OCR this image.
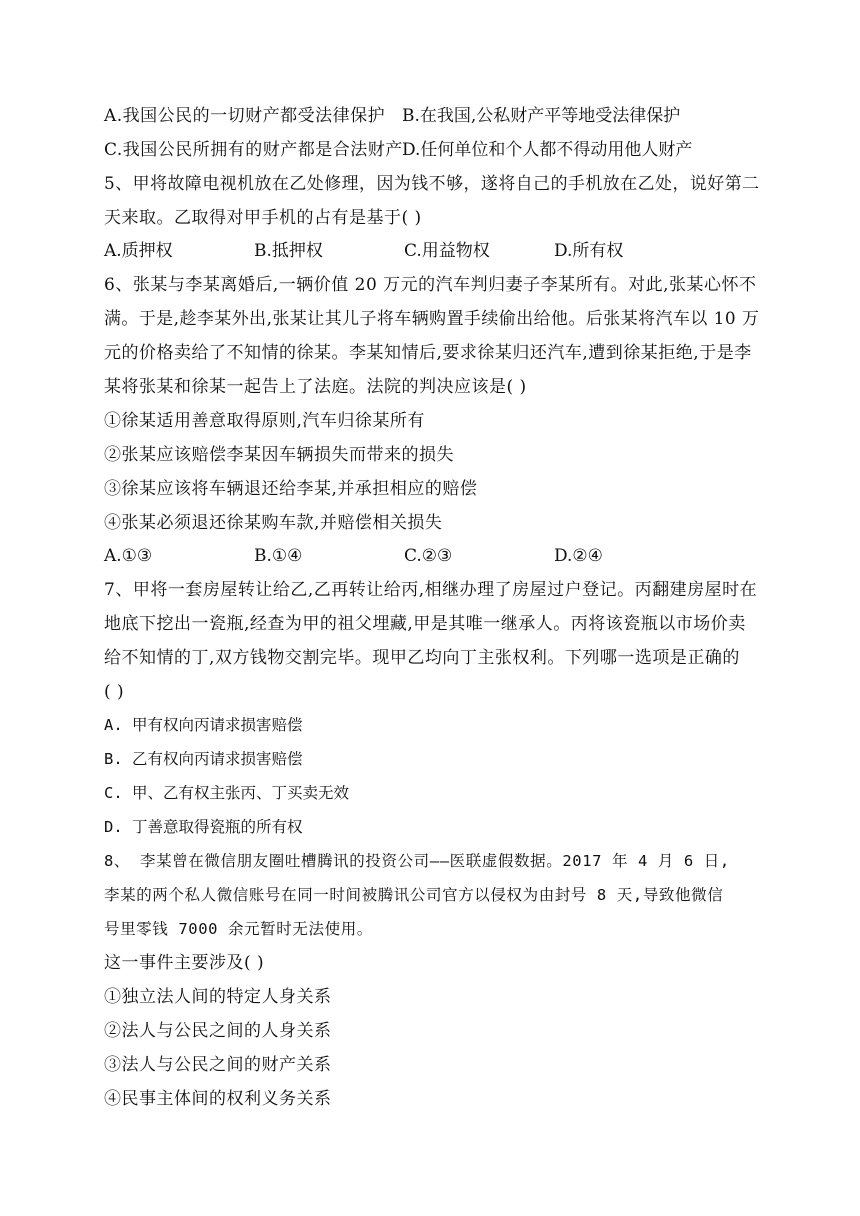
A.我国公民的一切财产都受法律保护 B.在我国,公私财产平等地受法律保护
C.我国公民所拥有的财产都是合法财产 D.任何单位和个人都不得动用他人财产
5、甲将故障电视机放在乙处修理，因为钱不够，遂将自己的手机放在乙处，说好第二
天来取。乙取得对甲手机的占有是基于( )
A.质押权	B.抵押权	C.用益物权	D.所有权
6、张某与李某离婚后,一辆价值 20 万元的汽车判归妻子李某所有。对此,张某心怀不
满。于是,趁李某外出,张某让其儿子将车辆购置手续偷出给他。后张某将汽车以 10 万
元的价格卖给了不知情的徐某。李某知情后,要求徐某归还汽车,遭到徐某拒绝,于是李
某将张某和徐某一起告上了法庭。法院的判决应该是( )
①徐某适用善意取得原则,汽车归徐某所有
②张某应该赔偿李某因车辆损失而带来的损失
③徐某应该将车辆退还给李某,并承担相应的赔偿
④张某必须退还徐某购车款,并赔偿相关损失
A.①③	B.①④	C.②③	D.②④
7、甲将一套房屋转让给乙,乙再转让给丙,相继办理了房屋过户登记。丙翻建房屋时在
地底下挖出一瓷瓶,经查为甲的祖父埋藏,甲是其唯一继承人。丙将该瓷瓶以市场价卖
给不知情的丁,双方钱物交割完毕。现甲乙均向丁主张权利。下列哪一选项是正确的
( )
A. 甲有权向丙请求损害赔偿
B. 乙有权向丙请求损害赔偿
C. 甲、乙有权主张丙、丁买卖无效
D. 丁善意取得瓷瓶的所有权
8、 李某曾在微信朋友圈吐槽腾讯的投资公司——医联虚假数据。2017 年 4 月 6 日,
李某的两个私人微信账号在同一时间被腾讯公司官方以侵权为由封号 8 天,导致他微信
号里零钱 7000 余元暂时无法使用。
这一事件主要涉及( )
①独立法人间的特定人身关系
②法人与公民之间的人身关系
③法人与公民之间的财产关系
④民事主体间的权利义务关系
